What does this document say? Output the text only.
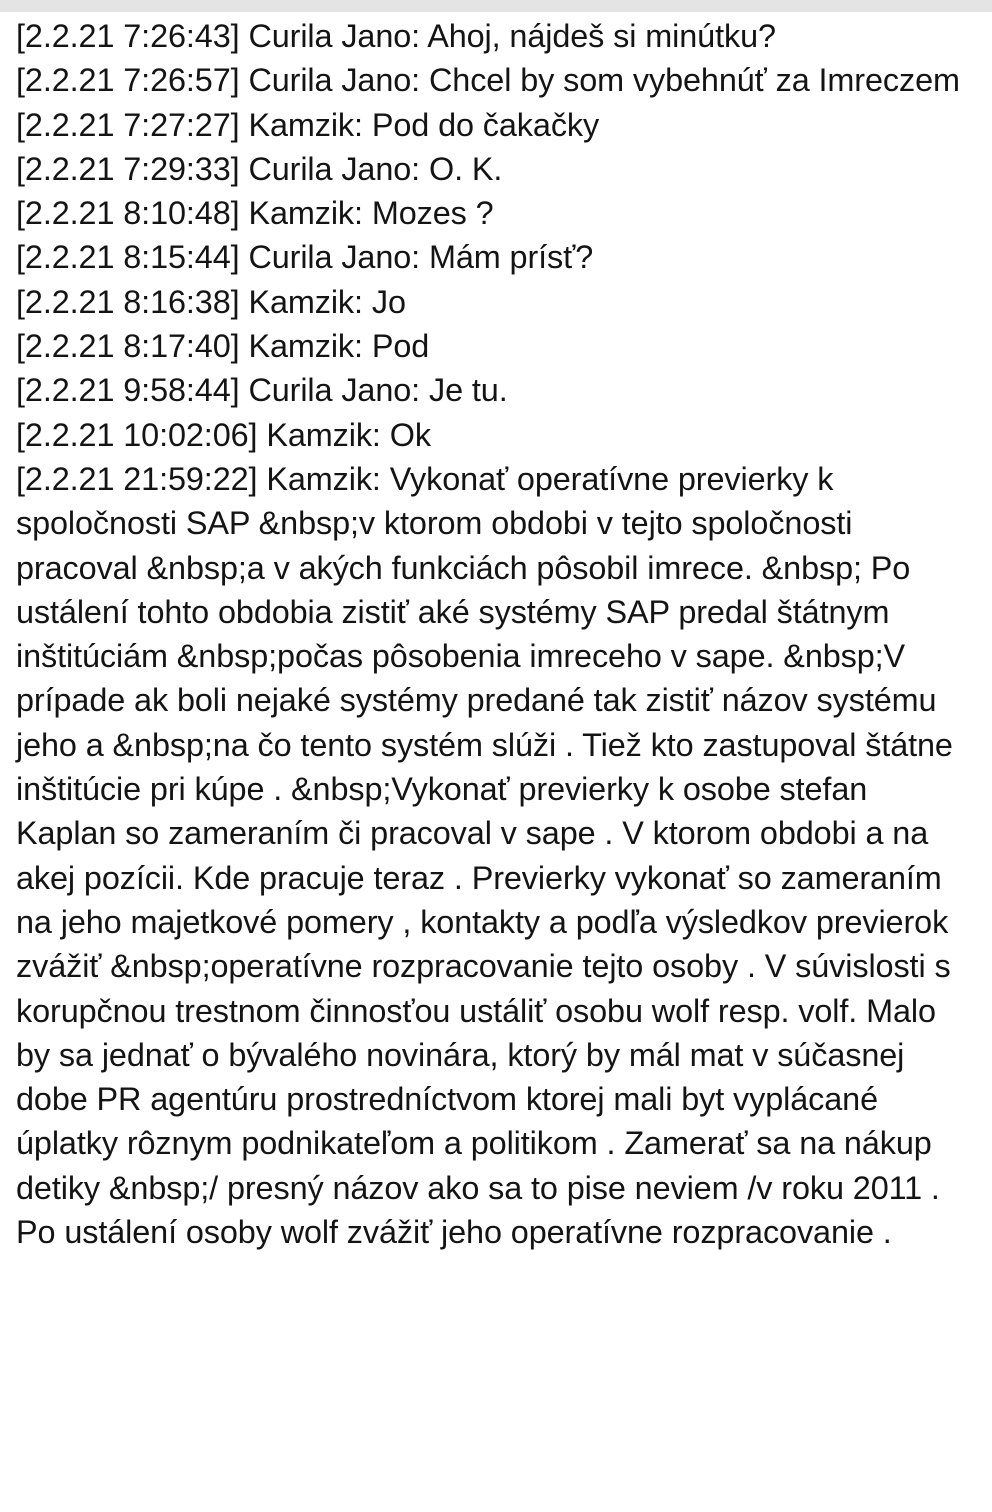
[2.2.21 7:26:43] Curila Jano: Ahoj, nájdeš si minútku?
[2.2.21 7:26:57] Curila Jano: Chcel by som vybehnúť za Imreczem
[2.2.21 7:27:27] Kamzik: Pod do čakačky
[2.2.21 7:29:33] Curila Jano: O. K.
[2.2.21 8:10:48] Kamzik: Mozes ?
[2.2.21 8:15:44] Curila Jano: Mám prísť?
[2.2.21 8:16:38] Kamzik: Jo
[2.2.21 8:17:40] Kamzik: Pod
[2.2.21 9:58:44] Curila Jano: Je tu.
[2.2.21 10:02:06] Kamzik: Ok
[2.2.21 21:59:22] Kamzik: Vykonať operatívne previerky k spoločnosti SAP &nbsp;v ktorom obdobi v tejto spoločnosti pracoval &nbsp;a v akých funkciách pôsobil imrece. &nbsp; Po ustálení tohto obdobia zistiť aké systémy SAP predal štátnym inštitúciám &nbsp;počas pôsobenia imreceho v sape. &nbsp;V prípade ak boli nejaké systémy predané tak zistiť názov systému jeho a &nbsp;na čo tento systém slúži . Tiež kto zastupoval štátne inštitúcie pri kúpe . &nbsp;Vykonať previerky k osobe stefan Kaplan so zameraním či pracoval v sape . V ktorom obdobi a na akej pozícii. Kde pracuje teraz . Previerky vykonať so zameraním na jeho majetkové pomery , kontakty a podľa výsledkov previerok zvážiť &nbsp;operatívne rozpracovanie tejto osoby . V súvislosti s korupčnou trestnom činnosťou ustáliť osobu wolf resp. volf. Malo by sa jednať o bývalého novinára, ktorý by mál mat v súčasnej dobe PR agentúru prostredníctvom ktorej mali byt vyplácané úplatky rôznym podnikateľom a politikom . Zamerať sa na nákup detiky &nbsp;/ presný názov ako sa to pise neviem /v roku 2011 . Po ustálení osoby wolf zvážiť jeho operatívne rozpracovanie .
